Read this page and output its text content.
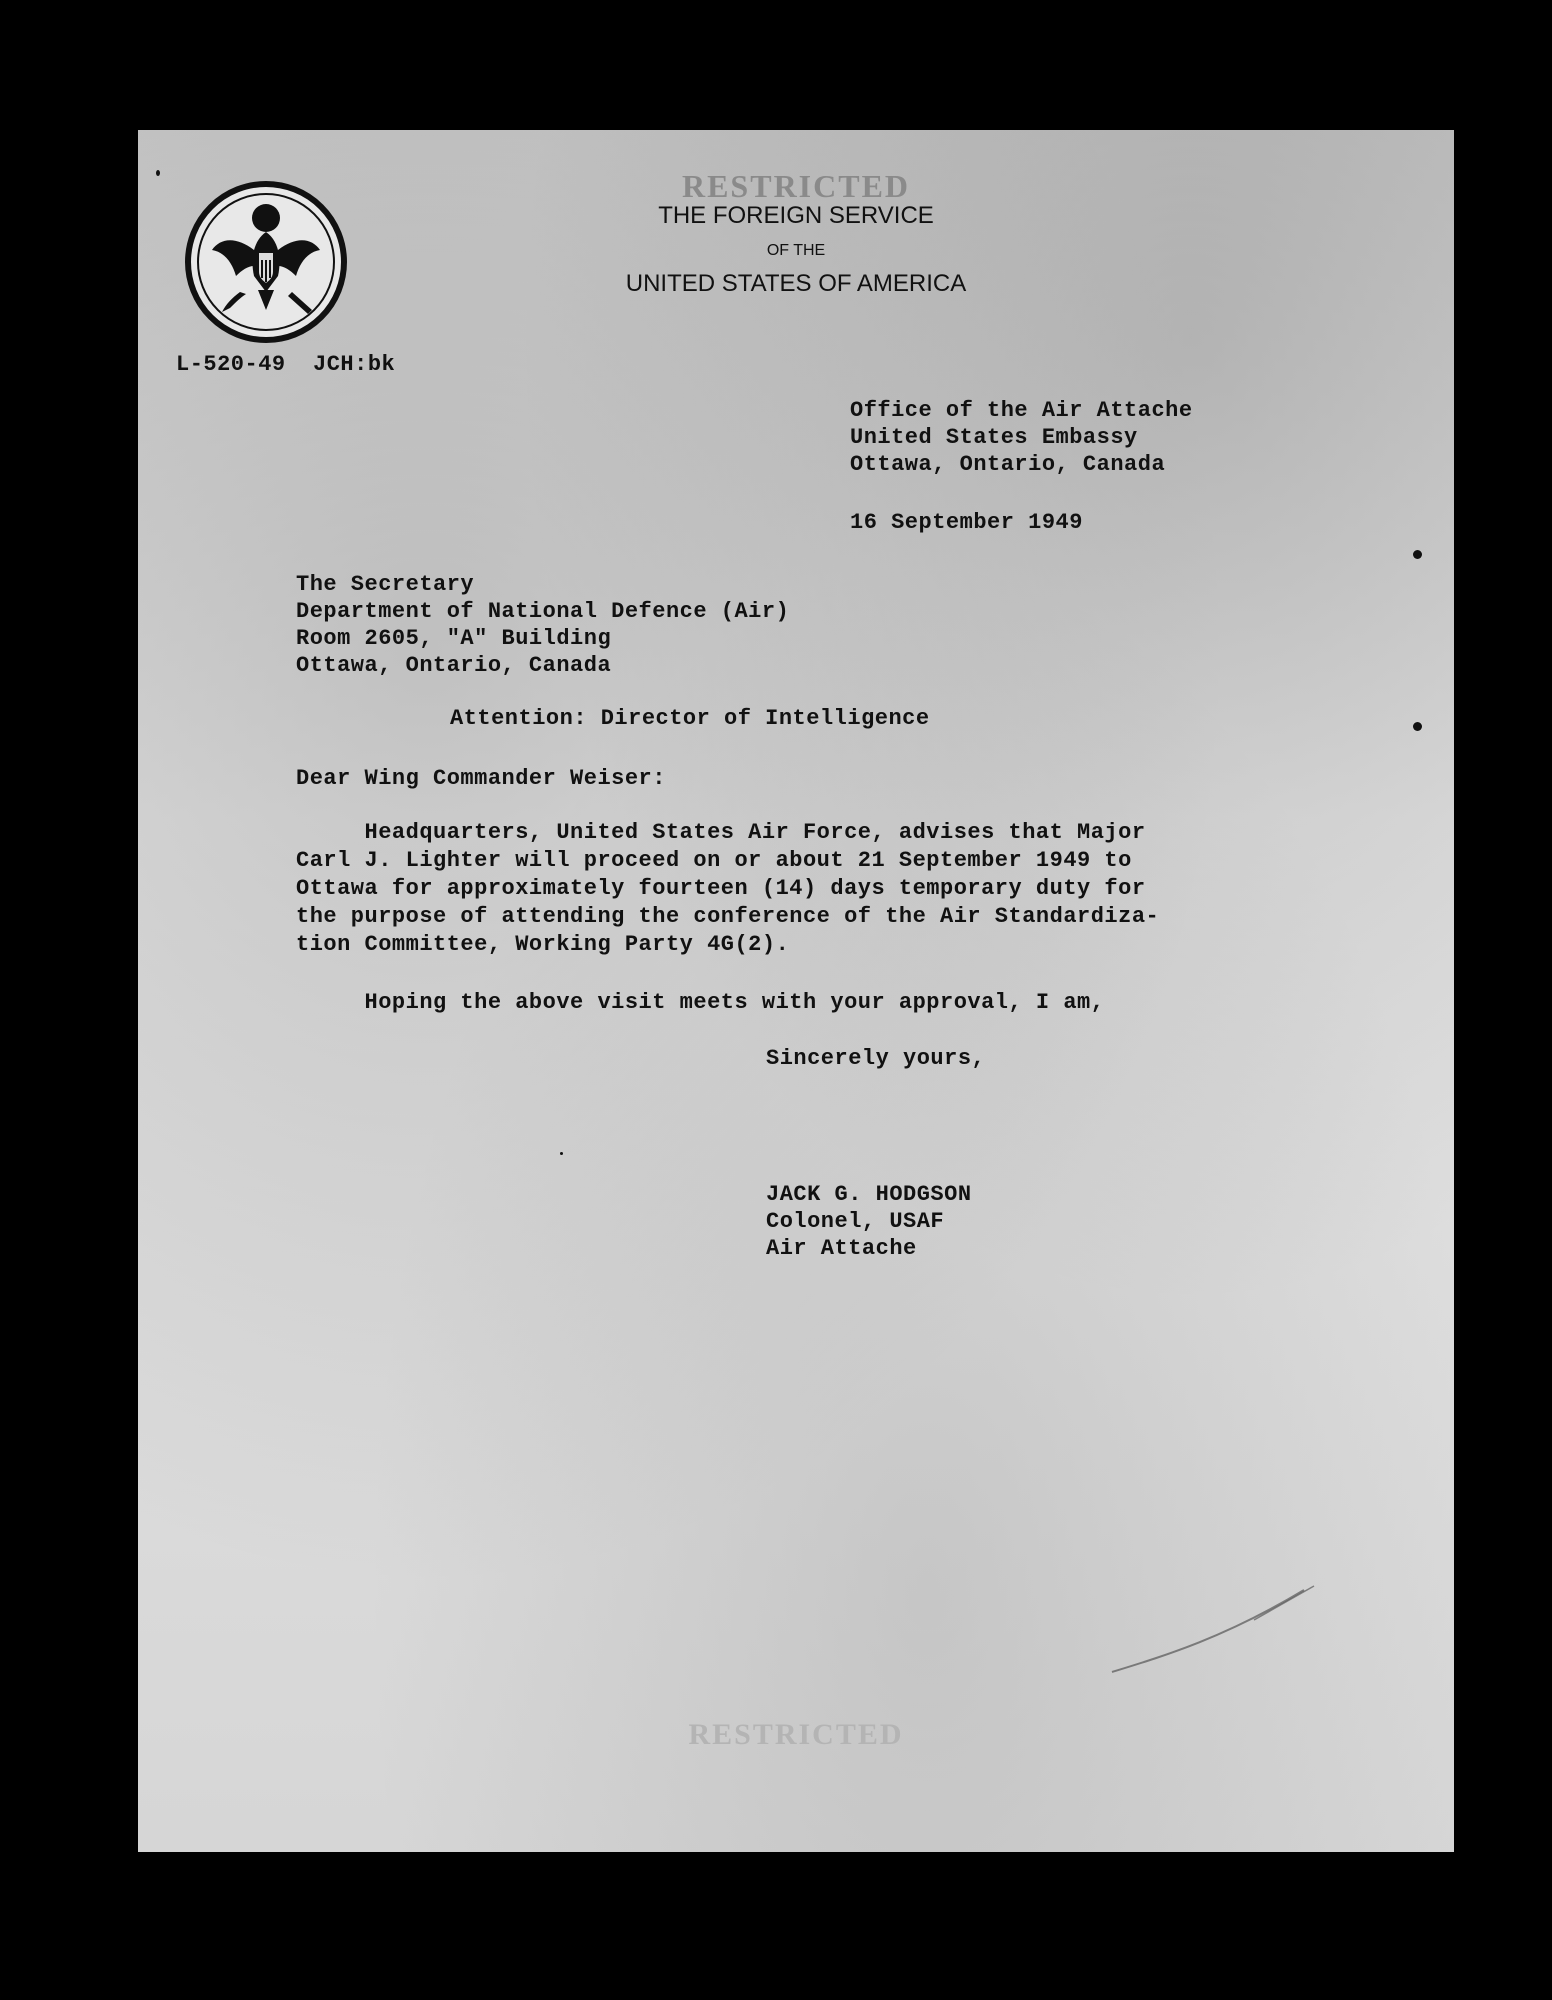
RESTRICTED
THE FOREIGN SERVICE
OF THE
UNITED STATES OF AMERICA
L-520-49  JCH:bk
Office of the Air Attache
United States Embassy
Ottawa, Ontario, Canada
16 September 1949
The Secretary
Department of National Defence (Air)
Room 2605, "A" Building
Ottawa, Ontario, Canada
Attention: Director of Intelligence
Dear Wing Commander Weiser:
Headquarters, United States Air Force, advises that Major
Carl J. Lighter will proceed on or about 21 September 1949 to
Ottawa for approximately fourteen (14) days temporary duty for
the purpose of attending the conference of the Air Standardiza-
tion Committee, Working Party 4G(2).
Hoping the above visit meets with your approval, I am,
Sincerely yours,
JACK G. HODGSON
Colonel, USAF
Air Attache
RESTRICTED
